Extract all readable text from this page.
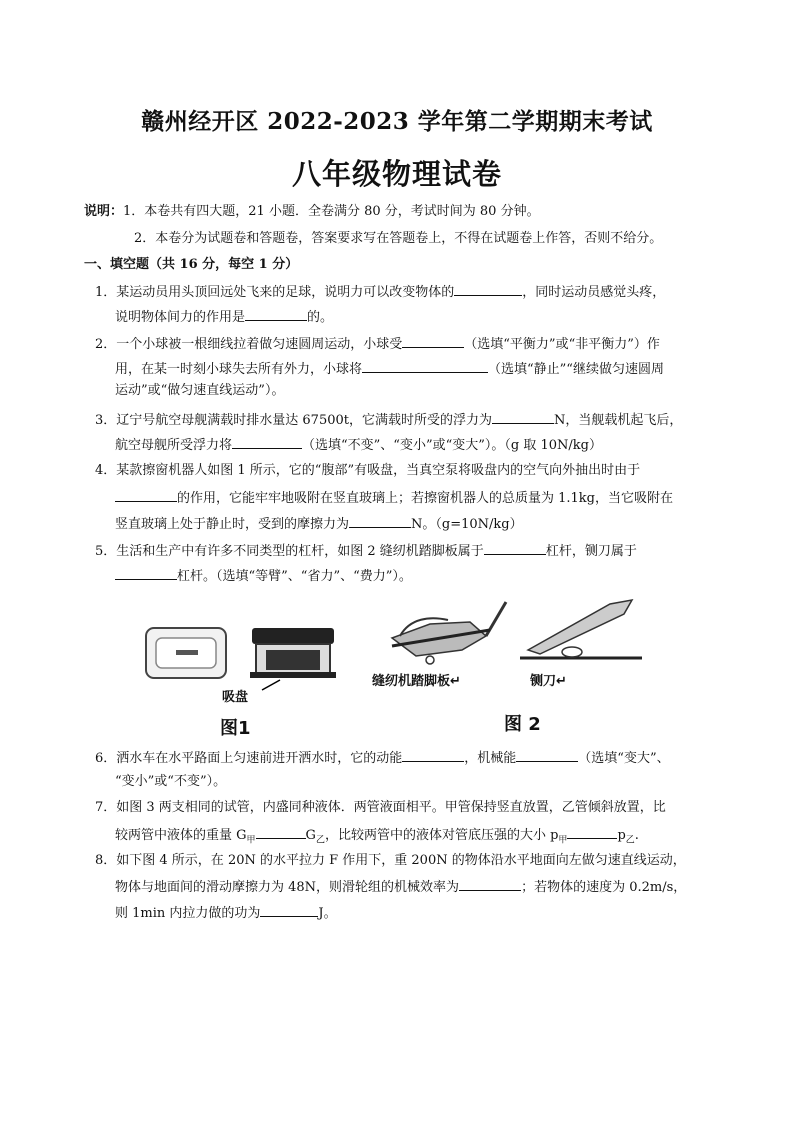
赣州经开区 2022-2023 学年第二学期期末考试
八年级物理试卷
说明：1．本卷共有四大题，21 小题．全卷满分 80 分，考试时间为 80 分钟。
2．本卷分为试题卷和答题卷，答案要求写在答题卷上，不得在试题卷上作答，否则不给分。
一、填空题（共 16 分，每空 1 分）
1．某运动员用头顶回远处飞来的足球，说明力可以改变物体的	，同时运动员感觉头疼，
说明物体间力的作用是	的。
2．一个小球被一根细线拉着做匀速圆周运动，小球受	（选填“平衡力”或“非平衡力”）作
用，在某一时刻小球失去所有外力，小球将	（选填“静止”“继续做匀速圆周
运动”或“做匀速直线运动”）。
3．辽宁号航空母舰满载时排水量达 67500t，它满载时所受的浮力为	N，当舰载机起飞后，
航空母舰所受浮力将	（选填“不变”、“变小”或“变大”）。（g 取 10N/kg）
4．某款擦窗机器人如图 1 所示，它的“腹部”有吸盘，当真空泵将吸盘内的空气向外抽出时由于
的作用，它能牢牢地吸附在竖直玻璃上；若擦窗机器人的总质量为 1.1kg，当它吸附在
竖直玻璃上处于静止时，受到的摩擦力为	N。（g=10N/kg）
5．生活和生产中有许多不同类型的杠杆，如图 2 缝纫机踏脚板属于	杠杆，铡刀属于
杠杆。（选填“等臂”、“省力”、“费力”）。
吸盘
图1
缝纫机踏脚板↵	铡刀↵
图 2
6．洒水车在水平路面上匀速前进开洒水时，它的动能	，机械能	（选填“变大”、
“变小”或“不变”）。
7．如图 3 两支相同的试管，内盛同种液体．两管液面相平。甲管保持竖直放置，乙管倾斜放置，比
较两管中液体的重量 $G_甲$	$G_乙$，比较两管中的液体对管底压强的大小 $p_甲$	$p_乙$.
8．如下图 4 所示，在 20N 的水平拉力 F 作用下，重 200N 的物体沿水平地面向左做匀速直线运动，
物体与地面间的滑动摩擦力为 48N，则滑轮组的机械效率为	；若物体的速度为 0.2m/s，
则 1min 内拉力做的功为	J。
